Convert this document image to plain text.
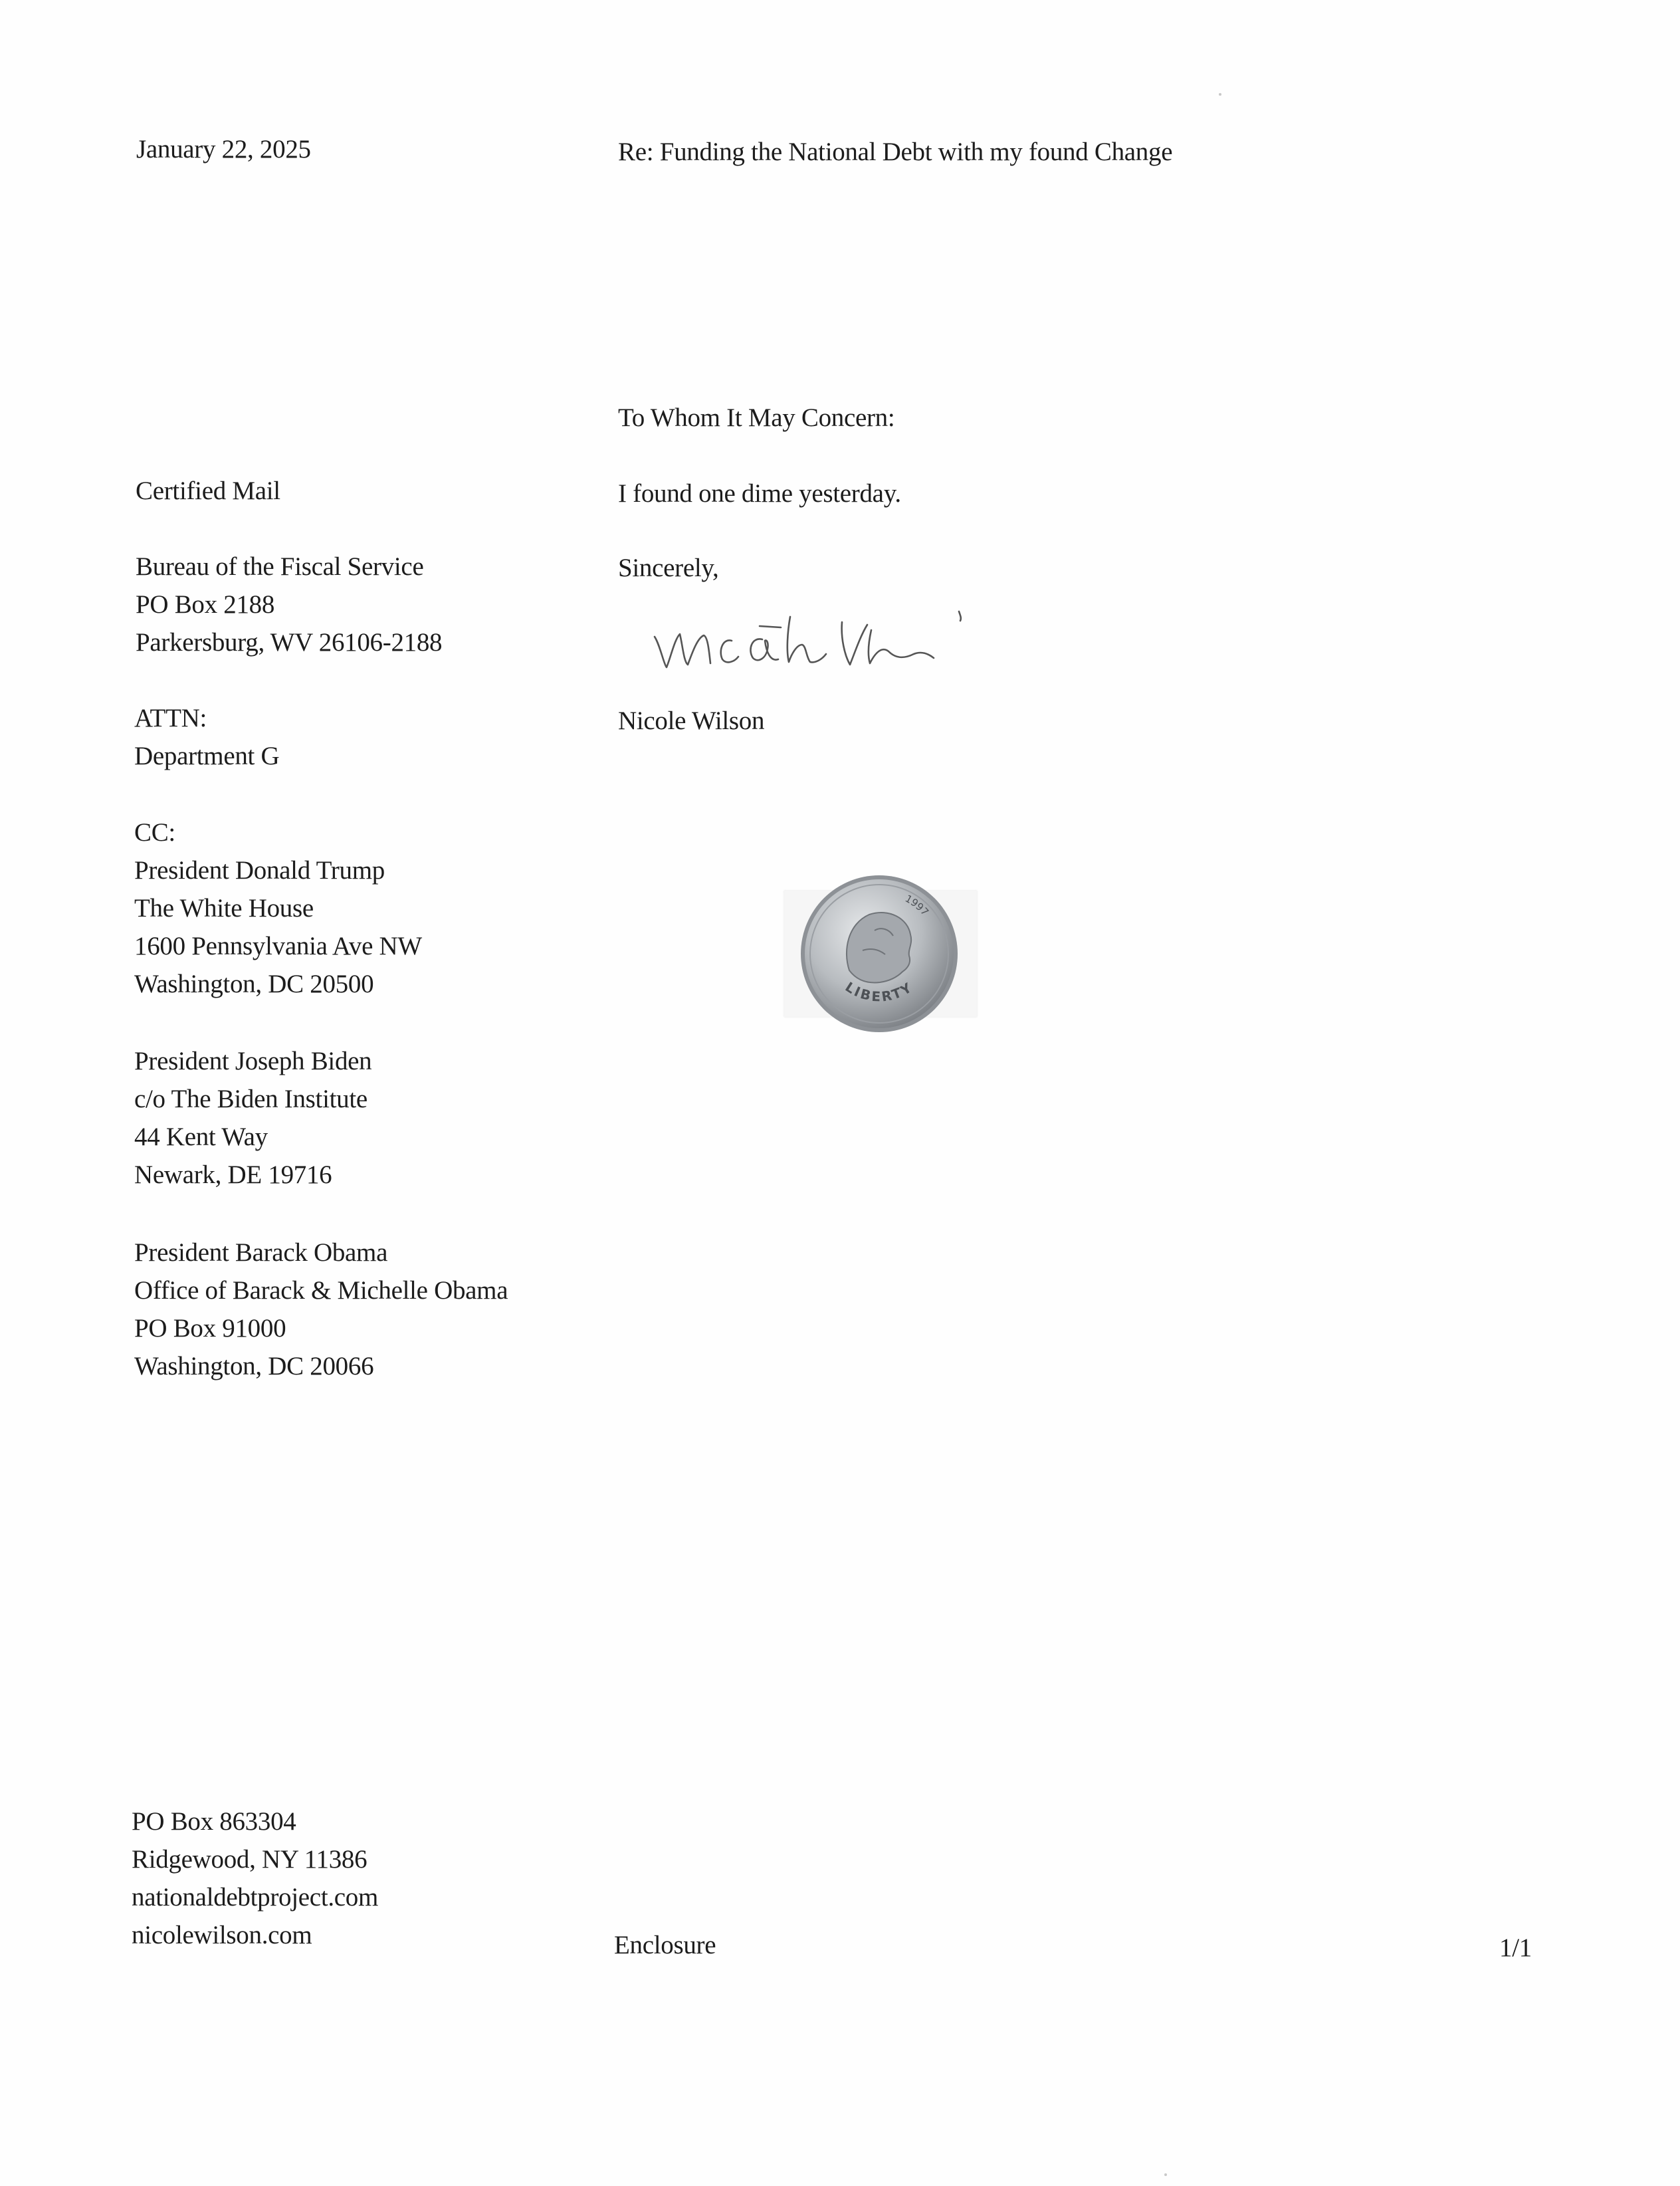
January 22, 2025	Re: Funding the National Debt with my found Change
To Whom It May Concern:
I found one dime yesterday.
Sincerely,
Nicole Wilson
Certified Mail
Bureau of the Fiscal Service
PO Box 2188
Parkersburg, WV 26106-2188
ATTN:
Department G
CC:
President Donald Trump
The White House
1600 Pennsylvania Ave NW
Washington, DC 20500
President Joseph Biden
c/o The Biden Institute
44 Kent Way
Newark, DE 19716
President Barack Obama
Office of Barack & Michelle Obama
PO Box 91000
Washington, DC 20066
LIBERTY
1997
PO Box 863304
Ridgewood, NY 11386
nationaldebtproject.com
nicolewilson.com	Enclosure	1/1
